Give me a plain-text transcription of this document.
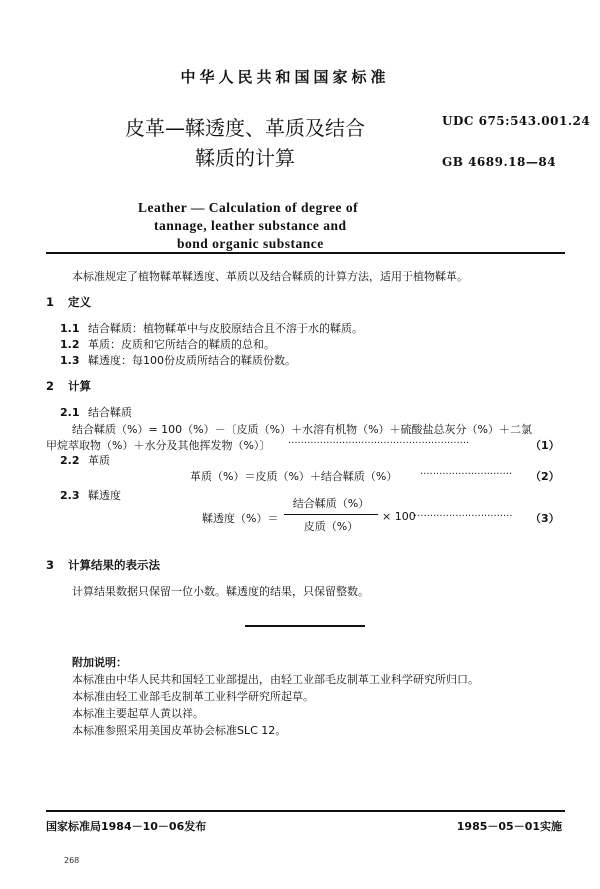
中华人民共和国国家标准
皮革—鞣透度、革质及结合
鞣质的计算
Leather — Calculation of degree of
tannage, leather substance and
bond organic substance
UDC 675:543.001.24
GB 4689.18—84
本标准规定了植物鞣革鞣透度、革质以及结合鞣质的计算方法，适用于植物鞣革。
1 定义
1.1 结合鞣质：植物鞣革中与皮胶原结合且不溶于水的鞣质。
1.2 革质：皮质和它所结合的鞣质的总和。
1.3 鞣透度：每100份皮质所结合的鞣质份数。
2 计算
2.1 结合鞣质
结合鞣质（%）= 100（%）－〔皮质（%）＋水溶有机物（%）＋硫酸盐总灰分（%）＋二氯
甲烷萃取物（%）＋水分及其他挥发物（%）〕 ·························································	（1）
2.2 革质
革质（%）＝皮质（%）＋结合鞣质（%） ·····························	（2）
2.3 鞣透度
鞣透度（%）＝
结合鞣质（%）
皮质（%）
× 100
·······························	（3）
3 计算结果的表示法
计算结果数据只保留一位小数。鞣透度的结果，只保留整数。
附加说明：
本标准由中华人民共和国轻工业部提出，由轻工业部毛皮制革工业科学研究所归口。
本标准由轻工业部毛皮制革工业科学研究所起草。
本标准主要起草人黄以祥。
本标准参照采用美国皮革协会标准SLC 12。
国家标准局1984－10－06发布	1985－05－01实施
268
